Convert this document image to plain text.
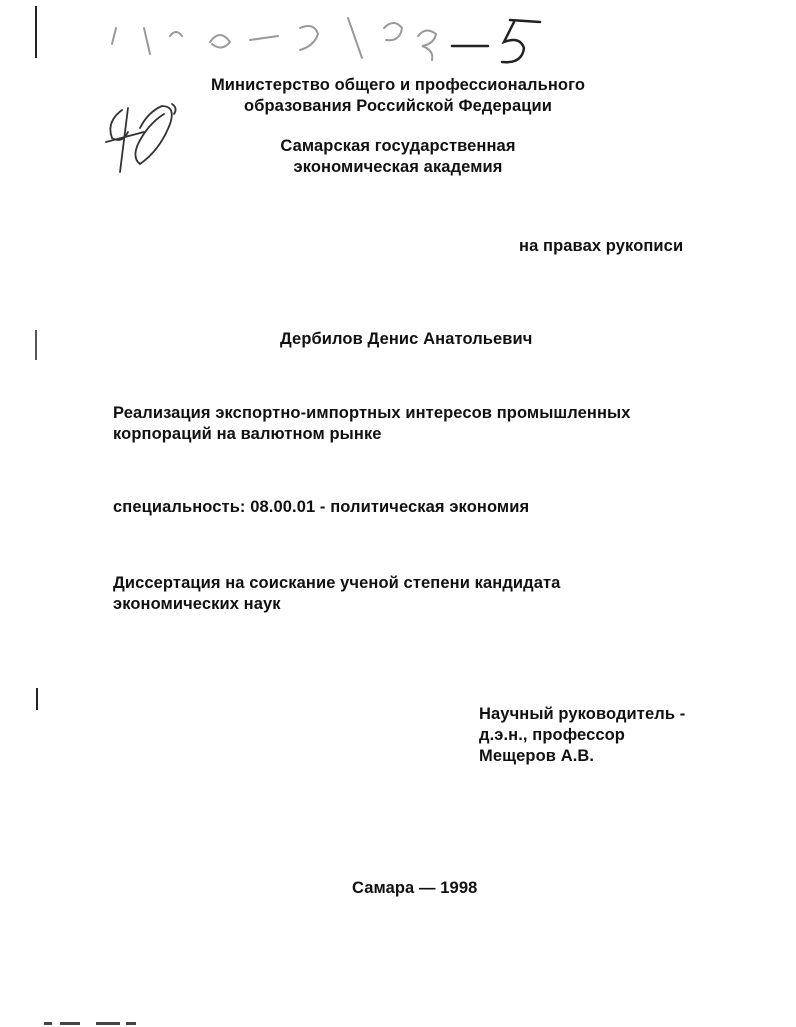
Министерство общего и профессионального
образования Российской Федерации
Самарская государственная
экономическая академия
на правах рукописи
Дербилов Денис Анатольевич
Реализация экспортно-импортных интересов промышленных
корпораций на валютном рынке
специальность: 08.00.01 - политическая экономия
Диссертация на соискание ученой степени кандидата
экономических наук
Научный руководитель -
д.э.н., профессор
Мещеров А.В.
Самара — 1998
